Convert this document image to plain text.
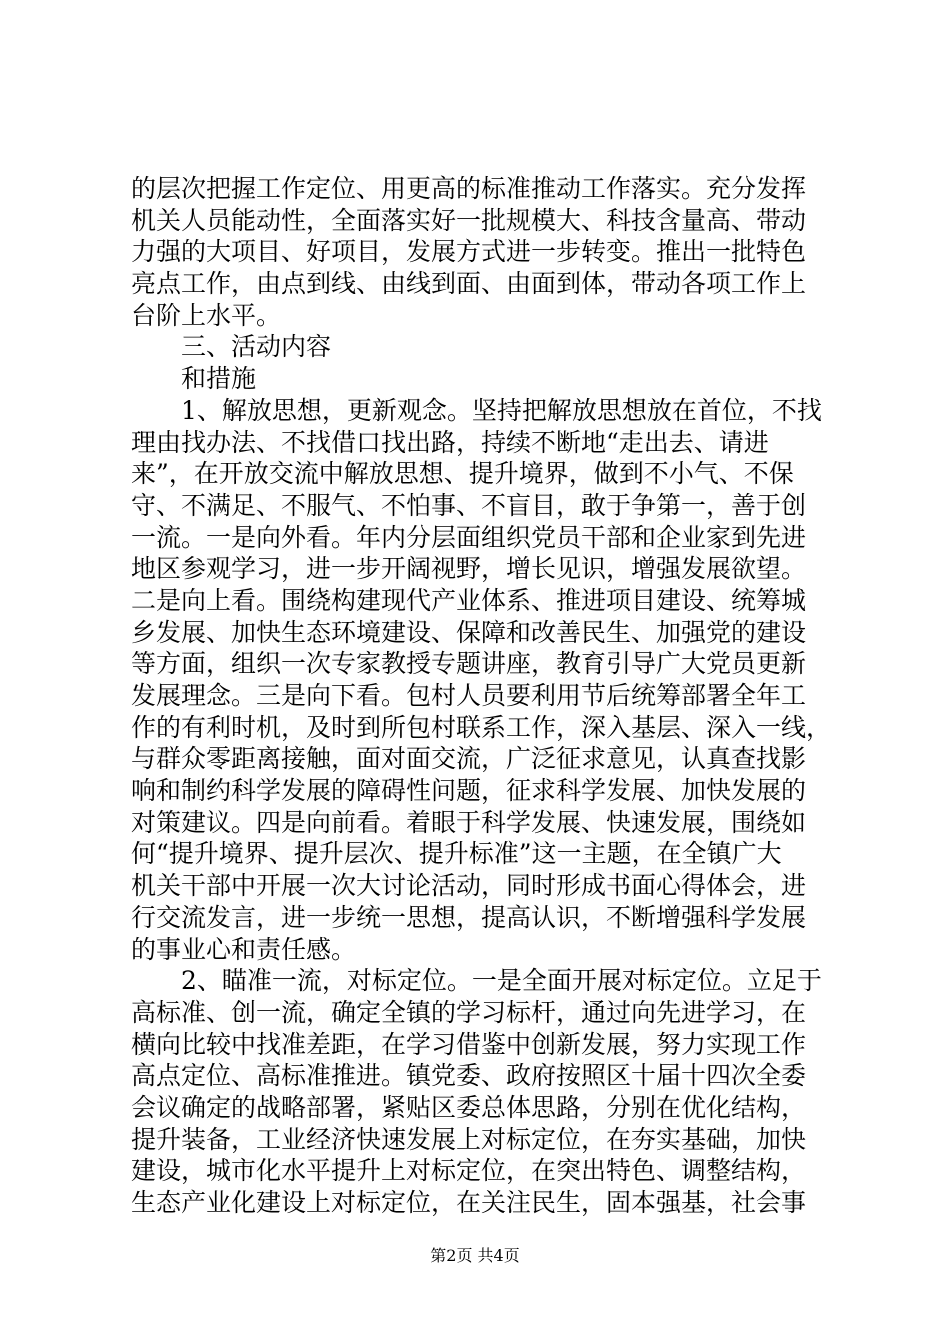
的层次把握工作定位、用更高的标准推动工作落实。充分发挥
机关人员能动性，全面落实好一批规模大、科技含量高、带动
力强的大项目、好项目，发展方式进一步转变。推出一批特色
亮点工作，由点到线、由线到面、由面到体，带动各项工作上
台阶上水平。
三、活动内容
和措施
1、解放思想，更新观念。坚持把解放思想放在首位，不找
理由找办法、不找借口找出路，持续不断地“走出去、请进
来”，在开放交流中解放思想、提升境界，做到不小气、不保
守、不满足、不服气、不怕事、不盲目，敢于争第一，善于创
一流。一是向外看。年内分层面组织党员干部和企业家到先进
地区参观学习，进一步开阔视野，增长见识，增强发展欲望。
二是向上看。围绕构建现代产业体系、推进项目建设、统筹城
乡发展、加快生态环境建设、保障和改善民生、加强党的建设
等方面，组织一次专家教授专题讲座，教育引导广大党员更新
发展理念。三是向下看。包村人员要利用节后统筹部署全年工
作的有利时机，及时到所包村联系工作，深入基层、深入一线，
与群众零距离接触，面对面交流，广泛征求意见，认真查找影
响和制约科学发展的障碍性问题，征求科学发展、加快发展的
对策建议。四是向前看。着眼于科学发展、快速发展，围绕如
何“提升境界、提升层次、提升标准”这一主题，在全镇广大
机关干部中开展一次大讨论活动，同时形成书面心得体会，进
行交流发言，进一步统一思想，提高认识，不断增强科学发展
的事业心和责任感。
2、瞄准一流，对标定位。一是全面开展对标定位。立足于
高标准、创一流，确定全镇的学习标杆，通过向先进学习，在
横向比较中找准差距，在学习借鉴中创新发展，努力实现工作
高点定位、高标准推进。镇党委、政府按照区十届十四次全委
会议确定的战略部署，紧贴区委总体思路，分别在优化结构，
提升装备，工业经济快速发展上对标定位，在夯实基础，加快
建设，城市化水平提升上对标定位，在突出特色、调整结构，
生态产业化建设上对标定位，在关注民生，固本强基，社会事
第2页 共4页
